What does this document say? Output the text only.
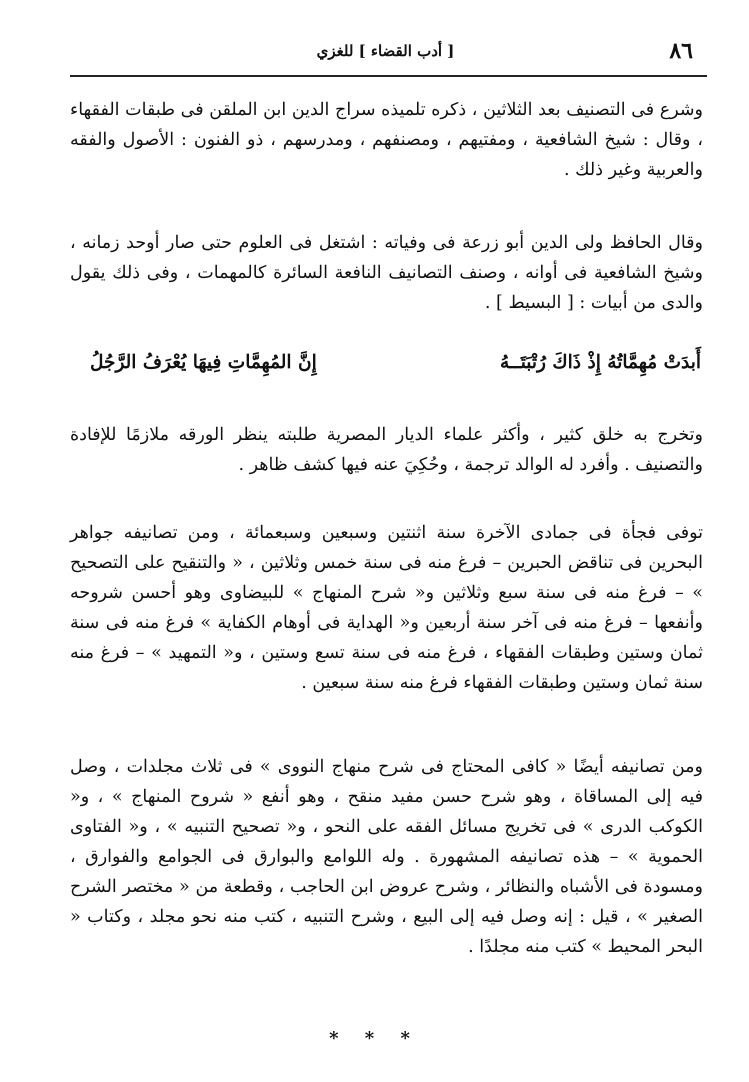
٨٦
[ أدب القضاء ] للغزي

وشرع فى التصنيف بعد الثلاثين ، ذكره تلميذه سراج الدين ابن الملقن فى طبقات الفقهاء ، وقال : شيخ الشافعية ، ومفتيهم ، ومصنفهم ، ومدرسهم ، ذو الفنون : الأصول والفقه والعربية وغير ذلك .

وقال الحافظ ولى الدين أبو زرعة فى وفياته : اشتغل فى العلوم حتى صار أوحد زمانه ، وشيخ الشافعية فى أوانه ، وصنف التصانيف النافعة السائرة كالمهمات ، وفى ذلك يقول والدى من أبيات : [ البسيط ] .

أَبدَتْ مُهِمَّاتُهُ إِذْ ذَاكَ رُتْبَتَــهُ
إِنَّ المُهِمَّاتِ فِيهَا يُعْرَفُ الرَّجُلُ

وتخرج به خلق كثير ، وأكثر علماء الديار المصرية طلبته ينظر الورقه ملازمًا للإفادة والتصنيف . وأفرد له الوالد ترجمة ، وحُكِيَ عنه فيها كشف ظاهر .

توفى فجأة فى جمادى الآخرة سنة اثنتين وسبعين وسبعمائة ، ومن تصانيفه جواهر البحرين فى تناقض الحبرين – فرغ منه فى سنة خمس وثلاثين ، « والتنقيح على التصحيح » – فرغ منه فى سنة سبع وثلاثين و« شرح المنهاج » للبيضاوى وهو أحسن شروحه وأنفعها – فرغ منه فى آخر سنة أربعين و« الهداية فى أوهام الكفاية » فرغ منه فى سنة ثمان وستين وطبقات الفقهاء ، فرغ منه فى سنة تسع وستين ، و« التمهيد » – فرغ منه سنة ثمان وستين وطبقات الفقهاء فرغ منه سنة سبعين .

ومن تصانيفه أيضًا « كافى المحتاج فى شرح منهاج النووى » فى ثلاث مجلدات ، وصل فيه إلى المساقاة ، وهو شرح حسن مفيد منقح ، وهو أنفع « شروح المنهاج » ، و« الكوكب الدرى » فى تخريج مسائل الفقه على النحو ، و« تصحيح التنبيه » ، و« الفتاوى الحموية » – هذه تصانيفه المشهورة . وله اللوامع والبوارق فى الجوامع والفوارق ، ومسودة فى الأشباه والنظائر ، وشرح عروض ابن الحاجب ، وقطعة من « مختصر الشرح الصغير » ، قيل : إنه وصل فيه إلى البيع ، وشرح التنبيه ، كتب منه نحو مجلد ، وكتاب « البحر المحيط » كتب منه مجلدًا .

* * *
